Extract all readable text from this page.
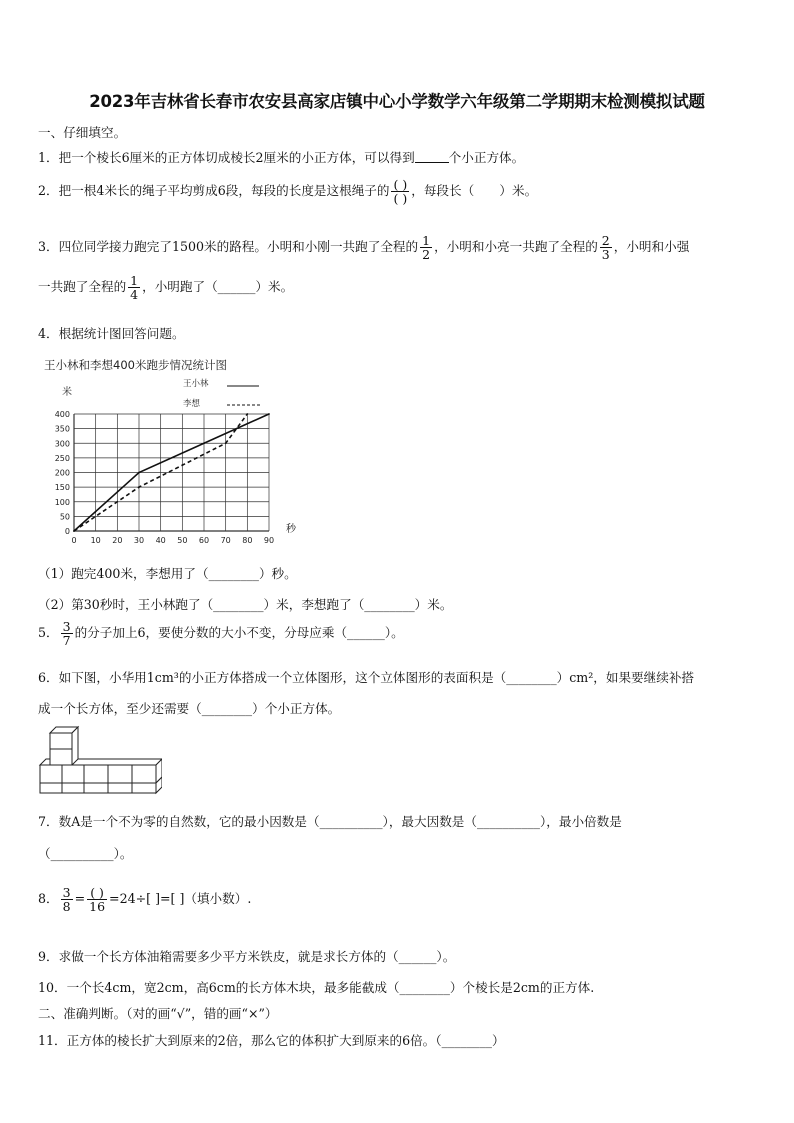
2023年吉林省长春市农安县高家店镇中心小学数学六年级第二学期期末检测模拟试题
一、仔细填空。
1．把一个棱长6厘米的正方体切成棱长2厘米的小正方体，可以得到	个小正方体。
2．把一根4米长的绳子平均剪成6段，每段的长度是这根绳子的 $\frac{( )}{( )}$ ，每段长（　　）米。
3．四位同学接力跑完了1500米的路程。小明和小刚一共跑了全程的 $\frac{1}{2}$ ，小明和小亮一共跑了全程的 $\frac{2}{3}$ ，小明和小强
一共跑了全程的 $\frac{1}{4}$ ，小明跑了（______）米。
4．根据统计图回答问题。
王小林和李想400米跑步情况统计图
米
秒
王小林
李想
0 10 20 30 40 50 60 70 80 90
0
50
100
150
200
250
300
350
400
（1）跑完400米，李想用了（________）秒。
（2）第30秒时，王小林跑了（________）米，李想跑了（________）米。
5． $\frac{3}{7}$ 的分子加上6，要使分数的大小不变，分母应乘（______）。
6．如下图，小华用1cm³的小正方体搭成一个立体图形，这个立体图形的表面积是（________）cm²，如果要继续补搭
成一个长方体，至少还需要（________）个小正方体。
7．数A是一个不为零的自然数，它的最小因数是（__________），最大因数是（__________），最小倍数是
（__________）。
8． $\frac{3}{8} = \frac{( )}{16} =24\div$[ ]=[ ]（填小数）.
9．求做一个长方体油箱需要多少平方米铁皮，就是求长方体的（______）。
10．一个长4cm，宽2cm，高6cm的长方体木块，最多能截成（________）个棱长是2cm的正方体.
二、准确判断。（对的画“√”，错的画“×”）
11．正方体的棱长扩大到原来的2倍，那么它的体积扩大到原来的6倍。（________）
